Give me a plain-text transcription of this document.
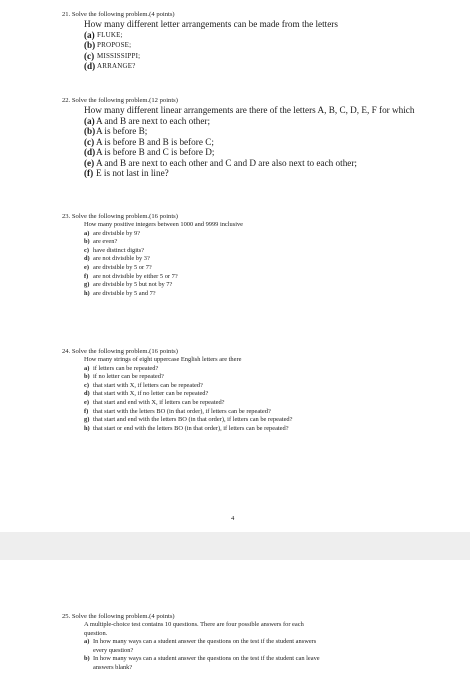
21. Solve the following problem.(4 points)
How many different letter arrangements can be made from the letters
(a) FLUKE;
(b) PROPOSE;
(c) MISSISSIPPI;
(d) ARRANGE?
22. Solve the following problem.(12 points)
How many different linear arrangements are there of the letters A, B, C, D, E, F for which
(a) A and B are next to each other;
(b) A is before B;
(c) A is before B and B is before C;
(d) A is before B and C is before D;
(e) A and B are next to each other and C and D are also next to each other;
(f) E is not last in line?
23. Solve the following problem.(16 points)
How many positive integers between 1000 and 9999 inclusive
a) are divisible by 9?
b) are even?
c) have distinct digits?
d) are not divisible by 3?
e) are divisible by 5 or 7?
f) are not divisible by either 5 or 7?
g) are divisible by 5 but not by 7?
h) are divisible by 5 and 7?
24. Solve the following problem.(16 points)
How many strings of eight uppercase English letters are there
a) if letters can be repeated?
b) if no letter can be repeated?
c) that start with X, if letters can be repeated?
d) that start with X, if no letter can be repeated?
e) that start and end with X, if letters can be repeated?
f) that start with the letters BO (in that order), if letters can be repeated?
g) that start and end with the letters BO (in that order), if letters can be repeated?
h) that start or end with the letters BO (in that order), if letters can be repeated?
4
25. Solve the following problem.(4 points)
A multiple-choice test contains 10 questions. There are four possible answers for each question.
a) In how many ways can a student answer the questions on the test if the student answers every question?
b) In how many ways can a student answer the questions on the test if the student can leave answers blank?
